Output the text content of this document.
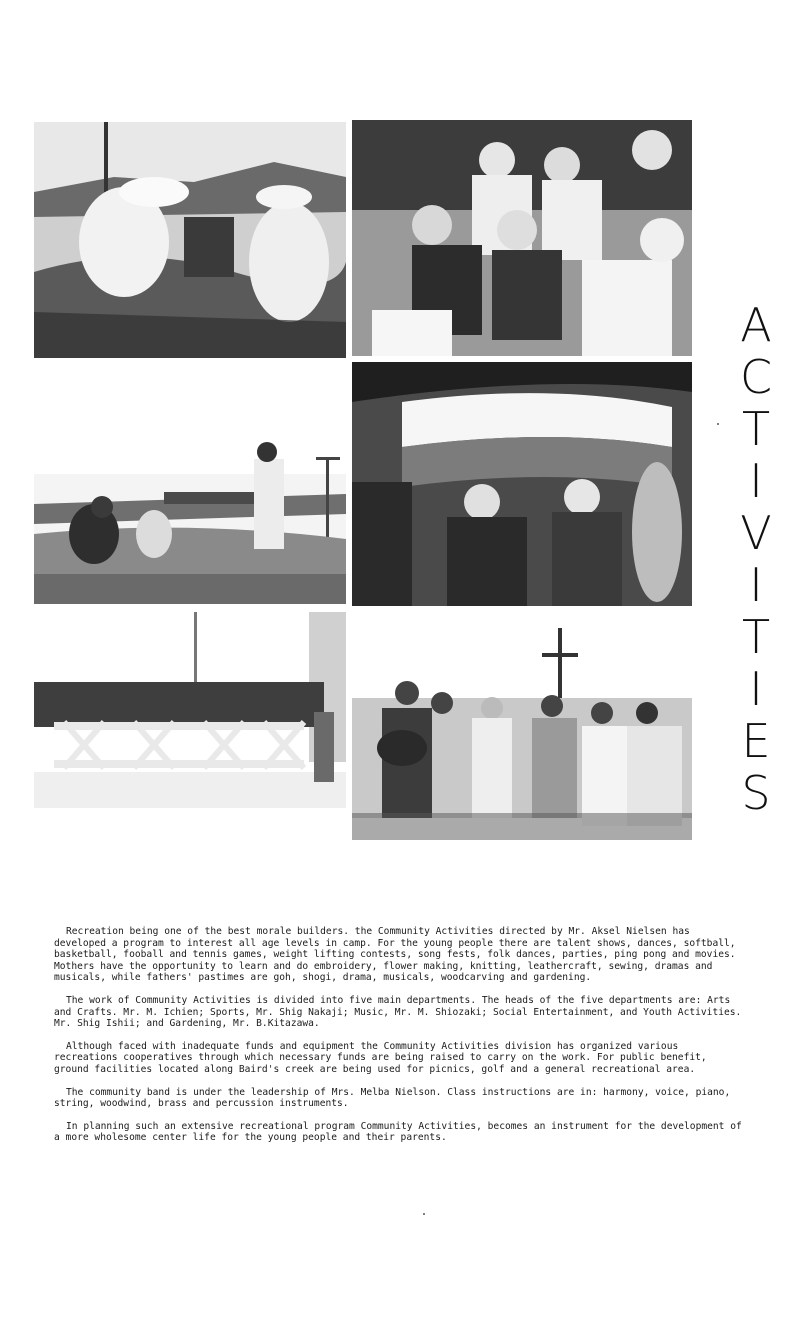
A
C
T
I
V
I
T
I
E
S

Recreation being one of the best morale builders. the Community Activities directed by Mr. Aksel Nielsen has developed a program to interest all age levels in camp. For the young people there are talent shows, dances, softball, basketball, fooball and tennis games, weight lifting contests, song fests, folk dances, parties, ping pong and movies. Mothers have the opportunity to learn and do embroidery, flower making, knitting, leathercraft, sewing, dramas and musicals, while fathers' pastimes are goh, shogi, drama, musicals, woodcarving and gardening.

The work of Community Activities is divided into five main departments. The heads of the five departments are: Arts and Crafts. Mr. M. Ichien; Sports, Mr. Shig Nakaji; Music, Mr. M. Shiozaki; Social Entertainment, and Youth Activities. Mr. Shig Ishii; and Gardening, Mr. B.Kitazawa.

Although faced with inadequate funds and equipment the Community Activities division has organized various recreations cooperatives through which necessary funds are being raised to carry on the work. For public benefit, ground facilities located along Baird's creek are being used for picnics, golf and a general recreational area.

The community band is under the leadership of Mrs. Melba Nielson. Class instructions are in: harmony, voice, piano, string, woodwind, brass and percussion instruments.

In planning such an extensive recreational program Community Activities, becomes an instrument for the development of a more wholesome center life for the young people and their parents.
